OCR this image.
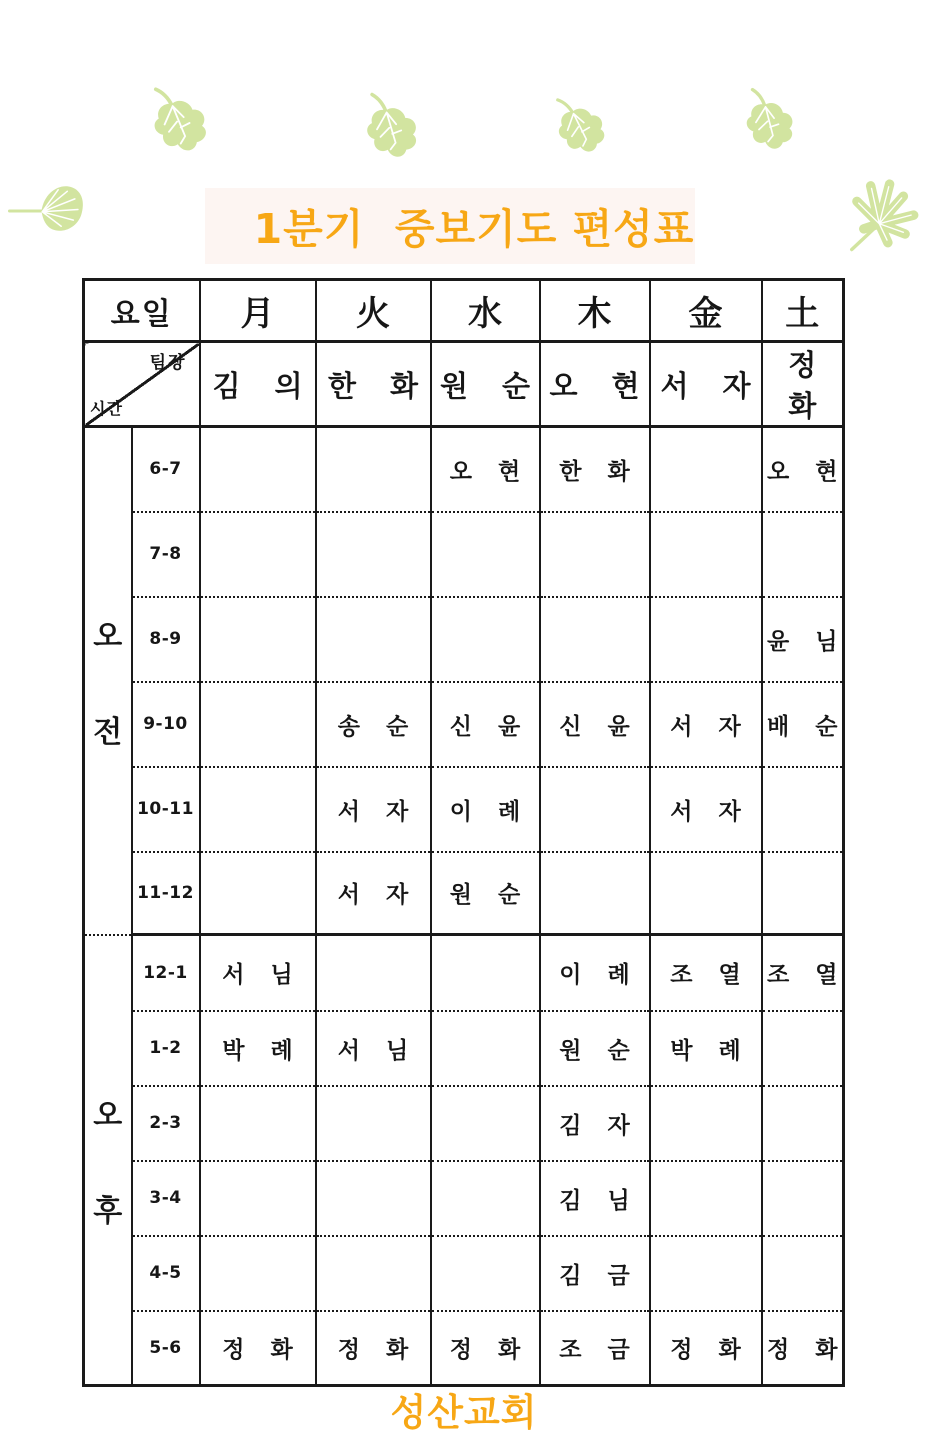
1분기  중보기도 편성표
요일		月	火	水	木	金	土

팀장
시간		김 의	한 화	원 순	오 현	서 자	정 화

오
전	6-7			오 현	한 화		오 현
	7-8						
	8-9						윤 님
	9-10		송 순	신 윤	신 윤	서 자	배 순
	10-11		서 자	이 례		서 자	
	11-12		서 자	원 순			

오
후	12-1	서 님			이 례	조 열	조 열
	1-2	박 례	서 님		원 순	박 례	
	2-3				김 자		
	3-4				김 님		
	4-5				김 금		
	5-6	정 화	정 화	정 화	조 금	정 화	정 화
성산교회
